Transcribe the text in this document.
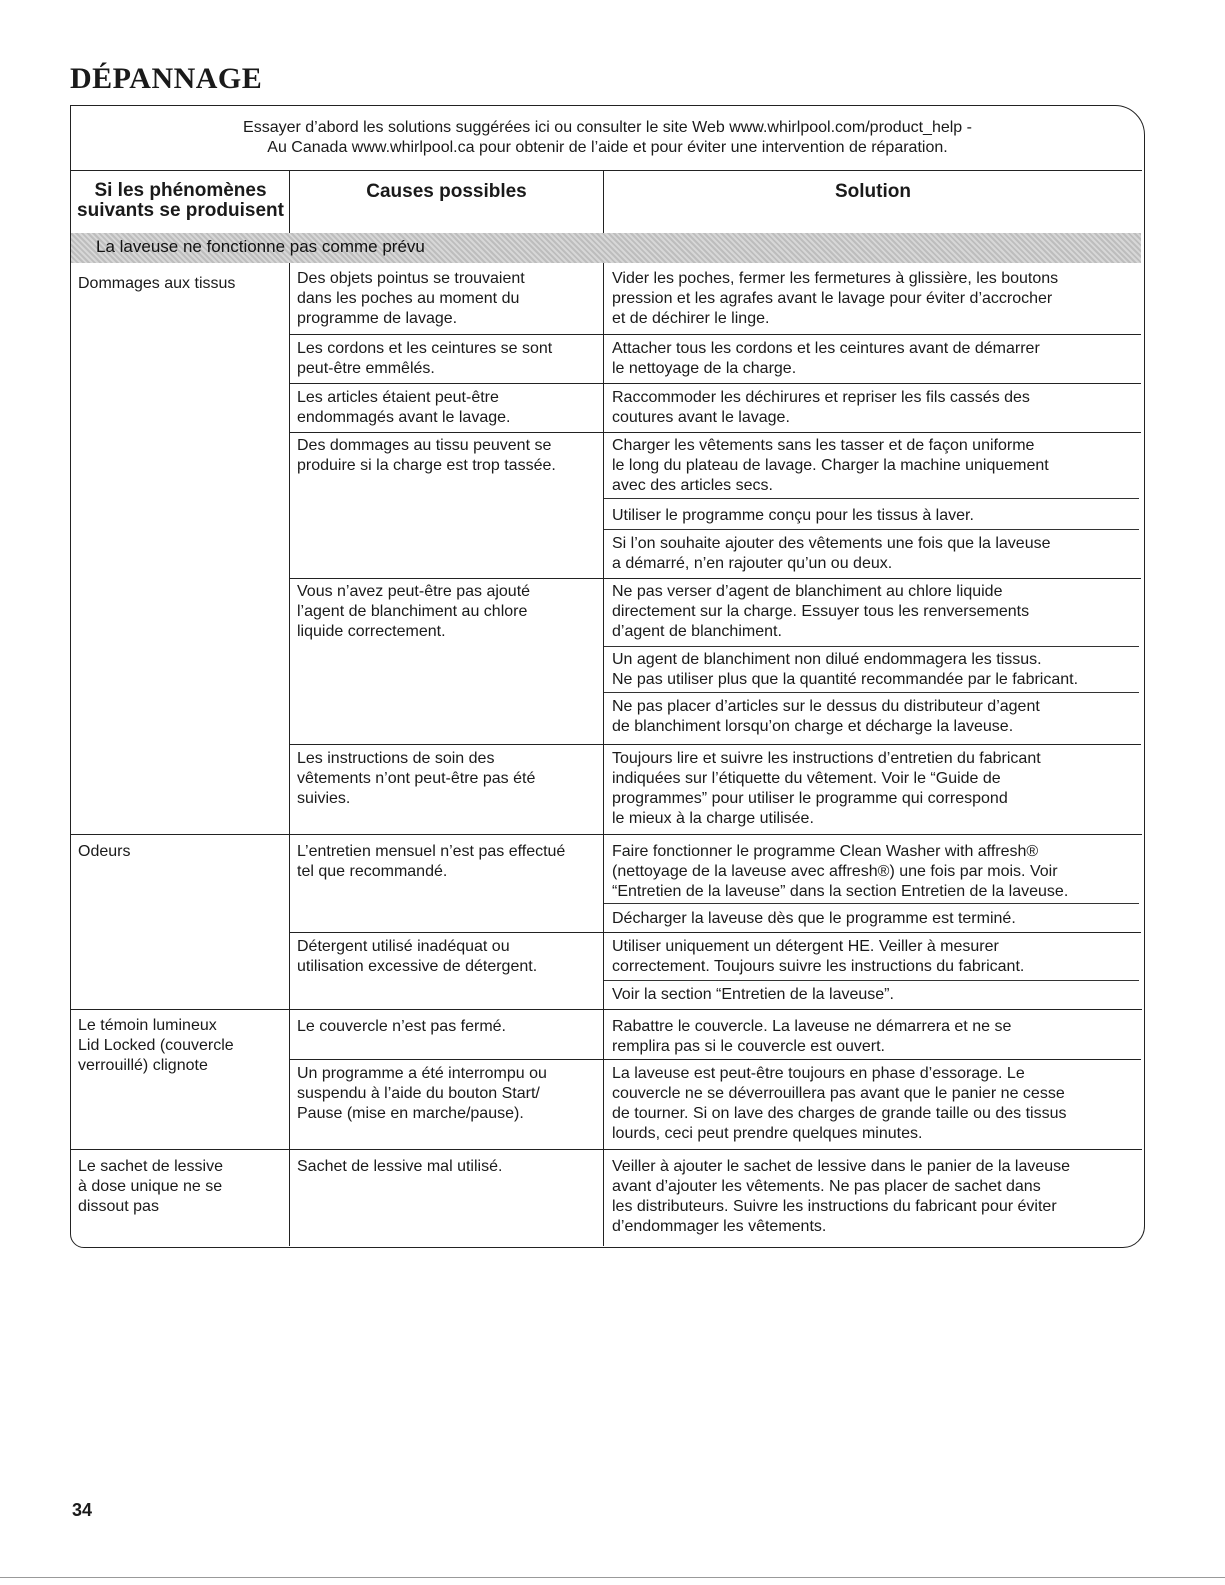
DÉPANNAGE
Essayer d’abord les solutions suggérées ici ou consulter le site Web www.whirlpool.com/product_help -
Au Canada www.whirlpool.ca pour obtenir de l’aide et pour éviter une intervention de réparation.
Si les phénomènes
suivants se produisent
Causes possibles	Solution
La laveuse ne fonctionne pas comme prévu
Dommages aux tissus
Odeurs
Le témoin lumineux
Lid Locked (couvercle
verrouillé) clignote
Le sachet de lessive
à dose unique ne se
dissout pas
Des objets pointus se trouvaient
dans les poches au moment du
programme de lavage.
Les cordons et les ceintures se sont
peut-être emmêlés.
Les articles étaient peut-être
endommagés avant le lavage.
Des dommages au tissu peuvent se
produire si la charge est trop tassée.
Vous n’avez peut-être pas ajouté
l’agent de blanchiment au chlore
liquide correctement.
Les instructions de soin des
vêtements n’ont peut-être pas été
suivies.
L’entretien mensuel n’est pas effectué
tel que recommandé.
Détergent utilisé inadéquat ou
utilisation excessive de détergent.
Le couvercle n’est pas fermé.
Un programme a été interrompu ou
suspendu à l’aide du bouton Start/
Pause (mise en marche/pause).
Sachet de lessive mal utilisé.
Vider les poches, fermer les fermetures à glissière, les boutons
pression et les agrafes avant le lavage pour éviter d’accrocher
et de déchirer le linge.
Attacher tous les cordons et les ceintures avant de démarrer
le nettoyage de la charge.
Raccommoder les déchirures et repriser les fils cassés des
coutures avant le lavage.
Charger les vêtements sans les tasser et de façon uniforme
le long du plateau de lavage. Charger la machine uniquement
avec des articles secs.
Utiliser le programme conçu pour les tissus à laver.
Si l’on souhaite ajouter des vêtements une fois que la laveuse
a démarré, n’en rajouter qu’un ou deux.
Ne pas verser d’agent de blanchiment au chlore liquide
directement sur la charge. Essuyer tous les renversements
d’agent de blanchiment.
Un agent de blanchiment non dilué endommagera les tissus.
Ne pas utiliser plus que la quantité recommandée par le fabricant.
Ne pas placer d’articles sur le dessus du distributeur d’agent
de blanchiment lorsqu’on charge et décharge la laveuse.
Toujours lire et suivre les instructions d’entretien du fabricant
indiquées sur l’étiquette du vêtement. Voir le “Guide de
programmes” pour utiliser le programme qui correspond
le mieux à la charge utilisée.
Faire fonctionner le programme Clean Washer with affresh®
(nettoyage de la laveuse avec affresh®) une fois par mois. Voir
“Entretien de la laveuse” dans la section Entretien de la laveuse.
Décharger la laveuse dès que le programme est terminé.
Utiliser uniquement un détergent HE. Veiller à mesurer
correctement. Toujours suivre les instructions du fabricant.
Voir la section “Entretien de la laveuse”.
Rabattre le couvercle. La laveuse ne démarrera et ne se
remplira pas si le couvercle est ouvert.
La laveuse est peut-être toujours en phase d’essorage. Le
couvercle ne se déverrouillera pas avant que le panier ne cesse
de tourner. Si on lave des charges de grande taille ou des tissus
lourds, ceci peut prendre quelques minutes.
Veiller à ajouter le sachet de lessive dans le panier de la laveuse
avant d’ajouter les vêtements. Ne pas placer de sachet dans
les distributeurs. Suivre les instructions du fabricant pour éviter
d’endommager les vêtements.
34
